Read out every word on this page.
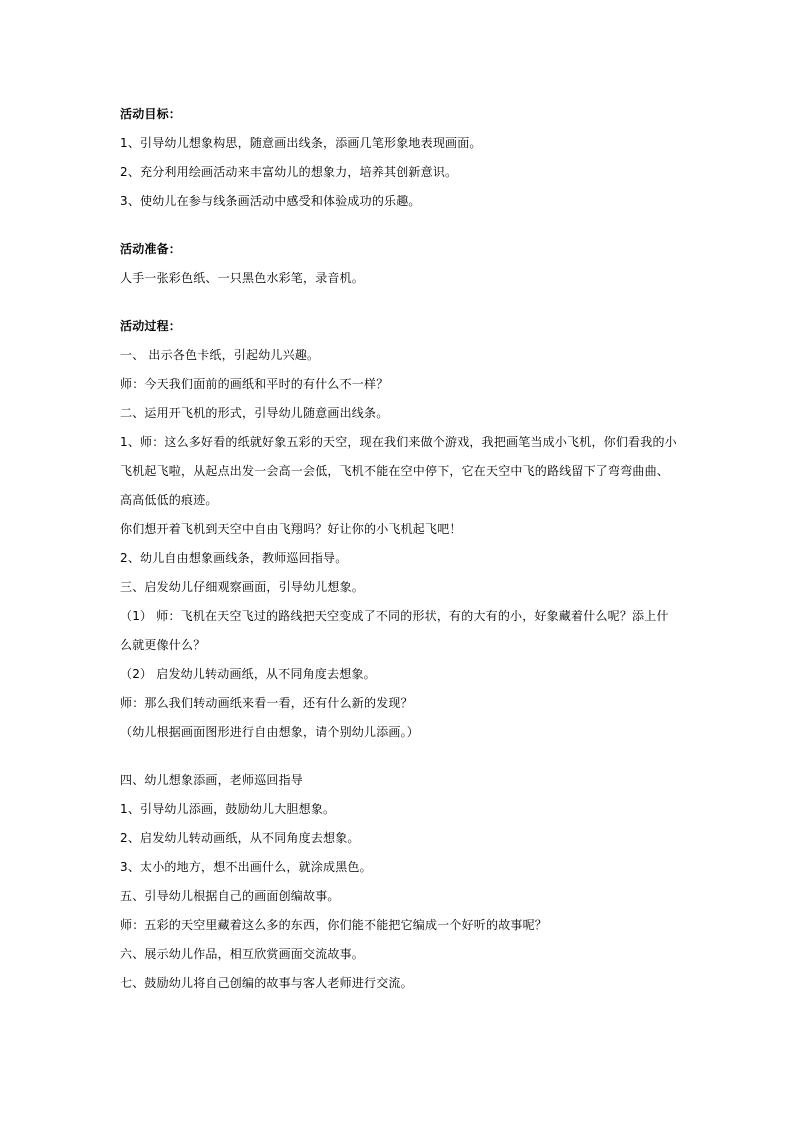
活动目标：
1、引导幼儿想象构思，随意画出线条，添画几笔形象地表现画面。
2、充分利用绘画活动来丰富幼儿的想象力，培养其创新意识。
3、使幼儿在参与线条画活动中感受和体验成功的乐趣。
活动准备：
人手一张彩色纸、一只黑色水彩笔，录音机。
活动过程：
一、 出示各色卡纸，引起幼儿兴趣。
师：今天我们面前的画纸和平时的有什么不一样？
二、运用开飞机的形式，引导幼儿随意画出线条。
1、师：这么多好看的纸就好象五彩的天空，现在我们来做个游戏，我把画笔当成小飞机，你们看我的小飞机起飞啦，从起点出发一会高一会低，飞机不能在空中停下，它在天空中飞的路线留下了弯弯曲曲、高高低低的痕迹。
你们想开着飞机到天空中自由飞翔吗？好让你的小飞机起飞吧！
2、幼儿自由想象画线条，教师巡回指导。
三、启发幼儿仔细观察画面，引导幼儿想象。
（1） 师：飞机在天空飞过的路线把天空变成了不同的形状，有的大有的小，好象藏着什么呢？添上什么就更像什么？
（2） 启发幼儿转动画纸，从不同角度去想象。
师：那么我们转动画纸来看一看，还有什么新的发现？
（幼儿根据画面图形进行自由想象，请个别幼儿添画。）
四、幼儿想象添画，老师巡回指导
1、引导幼儿添画，鼓励幼儿大胆想象。
2、启发幼儿转动画纸，从不同角度去想象。
3、太小的地方，想不出画什么，就涂成黑色。
五、引导幼儿根据自己的画面创编故事。
师：五彩的天空里藏着这么多的东西，你们能不能把它编成一个好听的故事呢？
六、展示幼儿作品，相互欣赏画面交流故事。
七、鼓励幼儿将自己创编的故事与客人老师进行交流。
